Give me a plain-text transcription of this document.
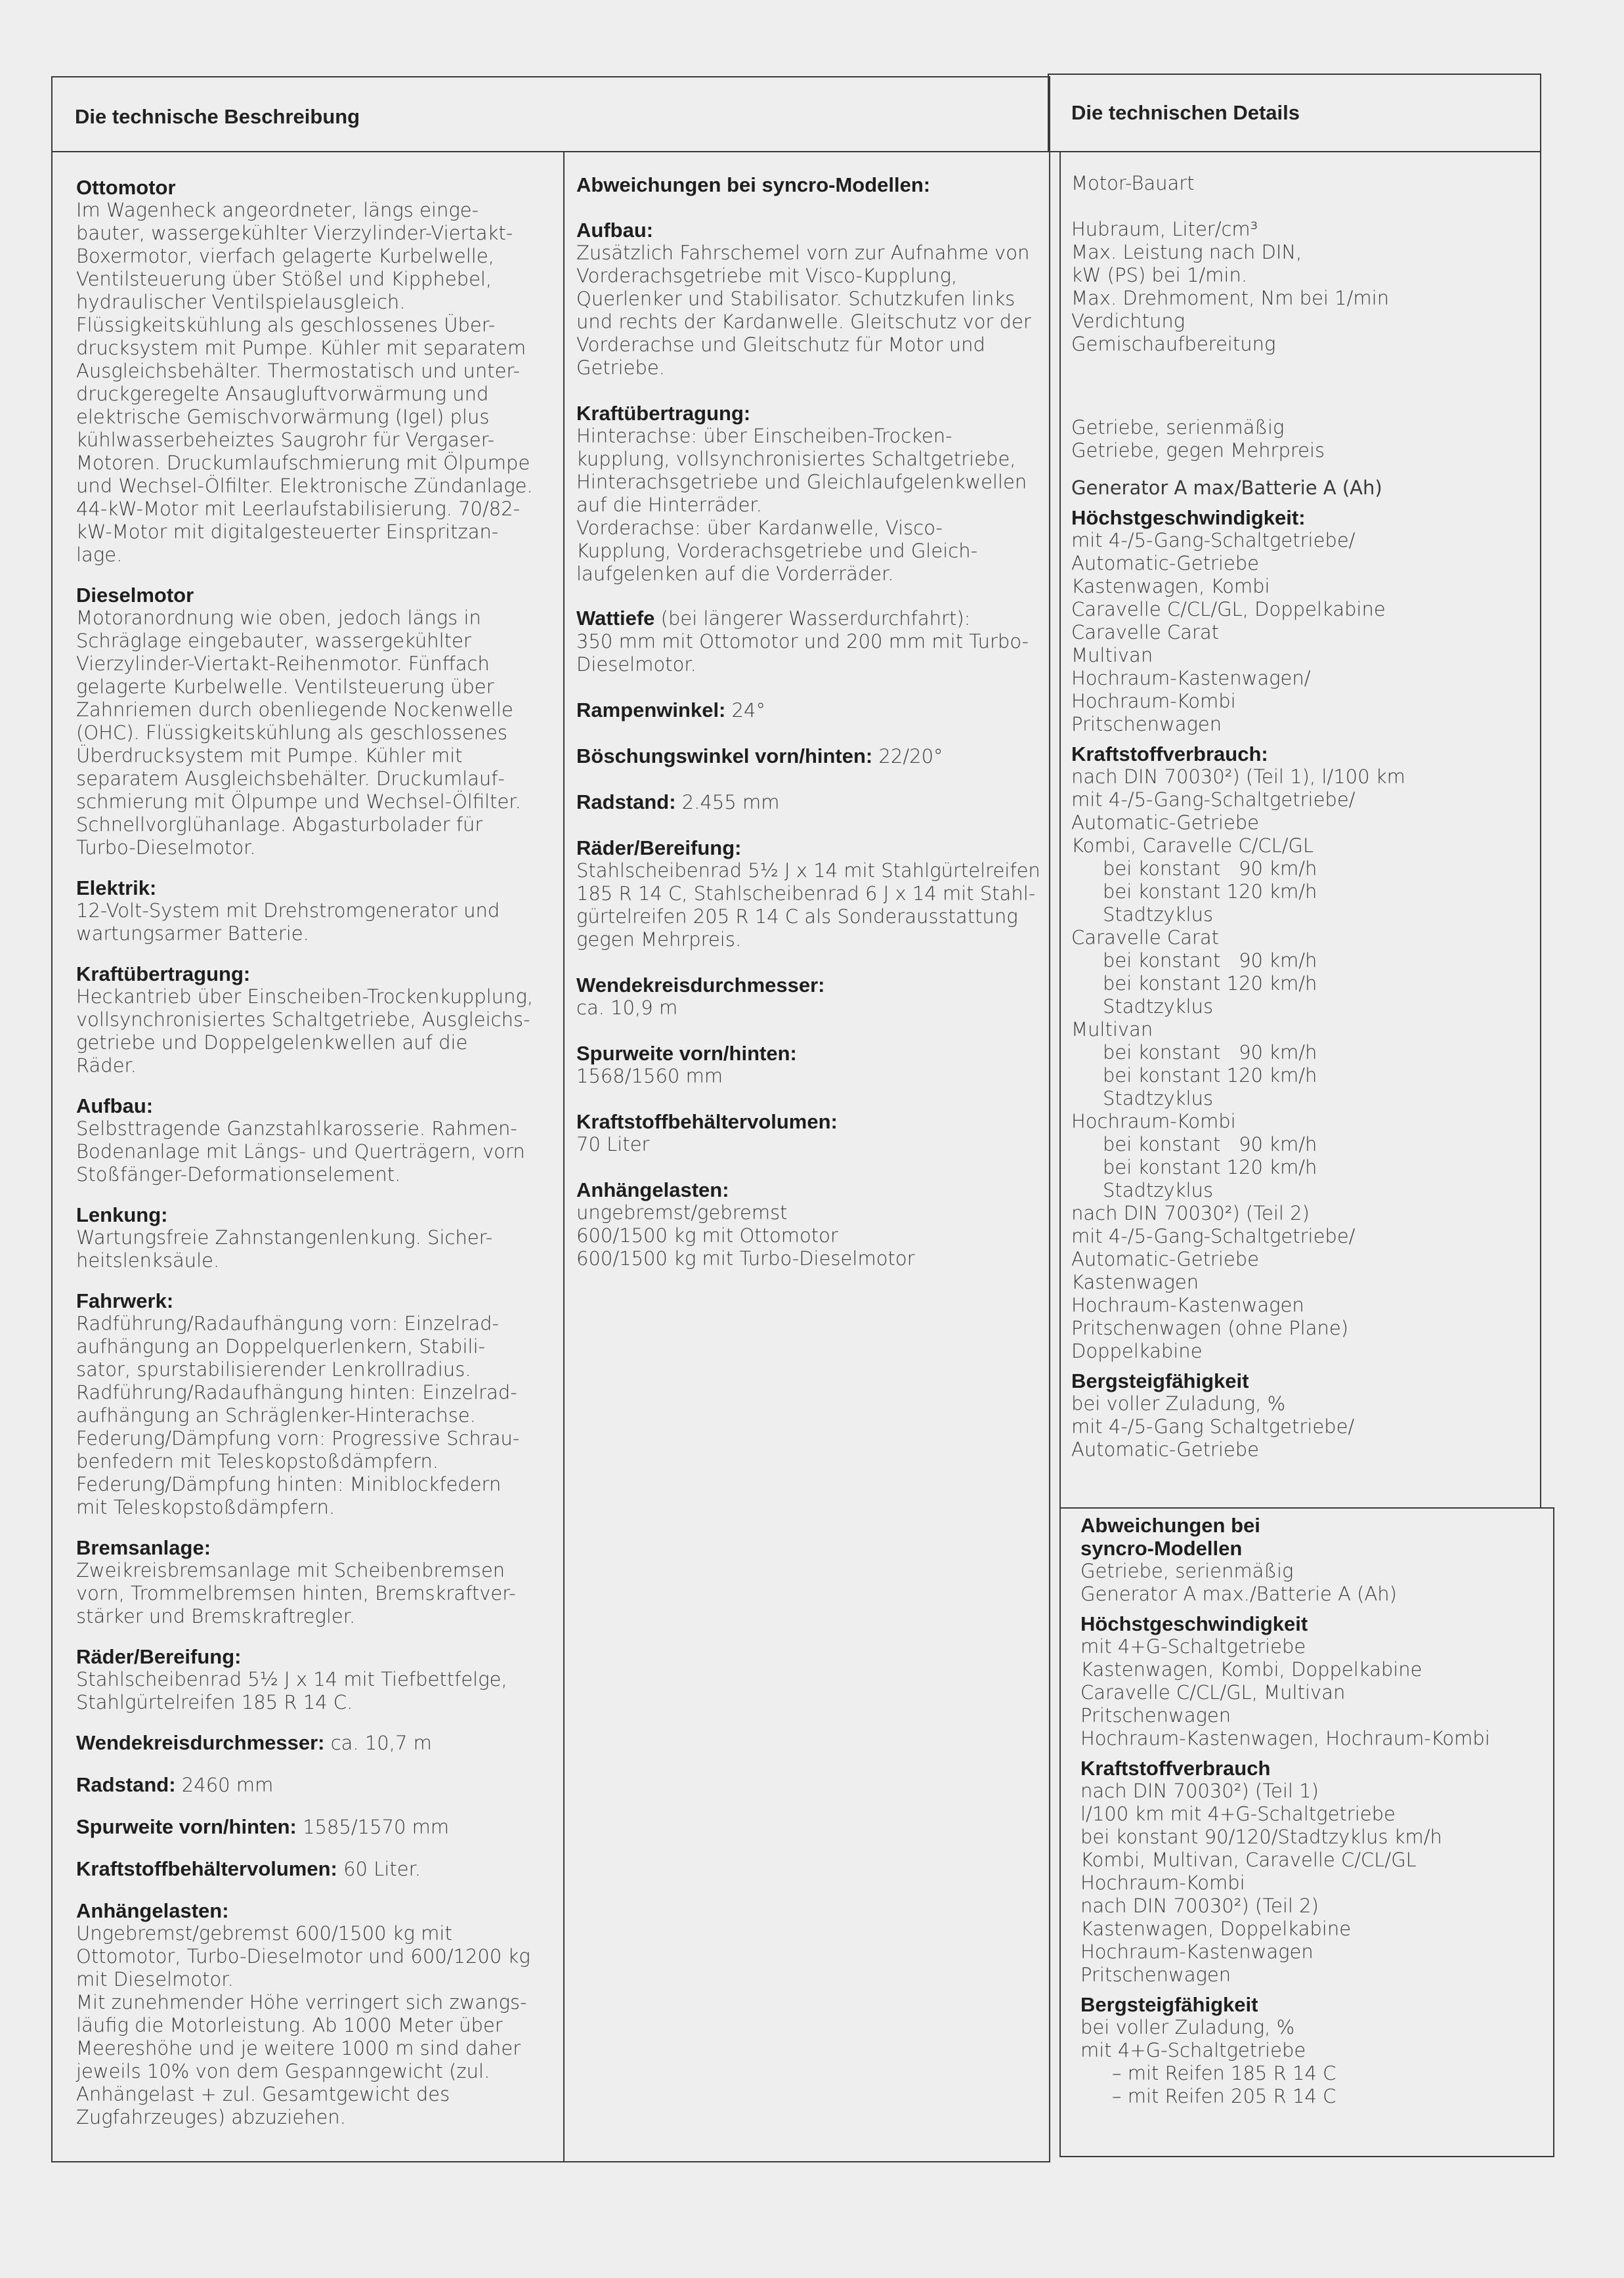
Die technische Beschreibung	Die technischen Details
Ottomotor
Im Wagenheck angeordneter, längs einge-
bauter, wassergekühlter Vierzylinder-Viertakt-
Boxermotor, vierfach gelagerte Kurbelwelle,
Ventilsteuerung über Stößel und Kipphebel,
hydraulischer Ventilspielausgleich.
Flüssigkeitskühlung als geschlossenes Über-
drucksystem mit Pumpe. Kühler mit separatem
Ausgleichsbehälter. Thermostatisch und unter-
druckgeregelte Ansaugluftvorwärmung und
elektrische Gemischvorwärmung (Igel) plus
kühlwasserbeheiztes Saugrohr für Vergaser-
Motoren. Druckumlaufschmierung mit Ölpumpe
und Wechsel-Ölfilter. Elektronische Zündanlage.
44-kW-Motor mit Leerlaufstabilisierung. 70/82-
kW-Motor mit digitalgesteuerter Einspritzan-
lage.
Dieselmotor
Motoranordnung wie oben, jedoch längs in
Schräglage eingebauter, wassergekühlter
Vierzylinder-Viertakt-Reihenmotor. Fünffach
gelagerte Kurbelwelle. Ventilsteuerung über
Zahnriemen durch obenliegende Nockenwelle
(OHC). Flüssigkeitskühlung als geschlossenes
Überdrucksystem mit Pumpe. Kühler mit
separatem Ausgleichsbehälter. Druckumlauf-
schmierung mit Ölpumpe und Wechsel-Ölfilter.
Schnellvorglühanlage. Abgasturbolader für
Turbo-Dieselmotor.
Elektrik:
12-Volt-System mit Drehstromgenerator und
wartungsarmer Batterie.
Kraftübertragung:
Heckantrieb über Einscheiben-Trockenkupplung,
vollsynchronisiertes Schaltgetriebe, Ausgleichs-
getriebe und Doppelgelenkwellen auf die
Räder.
Aufbau:
Selbsttragende Ganzstahlkarosserie. Rahmen-
Bodenanlage mit Längs- und Querträgern, vorn
Stoßfänger-Deformationselement.
Lenkung:
Wartungsfreie Zahnstangenlenkung. Sicher-
heitslenksäule.
Fahrwerk:
Radführung/Radaufhängung vorn: Einzelrad-
aufhängung an Doppelquerlenkern, Stabili-
sator, spurstabilisierender Lenkrollradius.
Radführung/Radaufhängung hinten: Einzelrad-
aufhängung an Schräglenker-Hinterachse.
Federung/Dämpfung vorn: Progressive Schrau-
benfedern mit Teleskopstoßdämpfern.
Federung/Dämpfung hinten: Miniblockfedern
mit Teleskopstoßdämpfern.
Bremsanlage:
Zweikreisbremsanlage mit Scheibenbremsen
vorn, Trommelbremsen hinten, Bremskraftver-
stärker und Bremskraftregler.
Räder/Bereifung:
Stahlscheibenrad 5½ J x 14 mit Tiefbettfelge,
Stahlgürtelreifen 185 R 14 C.
Wendekreisdurchmesser: ca. 10,7 m
Radstand: 2460 mm
Spurweite vorn/hinten: 1585/1570 mm
Kraftstoffbehältervolumen: 60 Liter.
Anhängelasten:
Ungebremst/gebremst 600/1500 kg mit
Ottomotor, Turbo-Dieselmotor und 600/1200 kg
mit Dieselmotor.
Mit zunehmender Höhe verringert sich zwangs-
läufig die Motorleistung. Ab 1000 Meter über
Meereshöhe und je weitere 1000 m sind daher
jeweils 10% von dem Gespanngewicht (zul.
Anhängelast + zul. Gesamtgewicht des
Zugfahrzeuges) abzuziehen.
Abweichungen bei syncro-Modellen:
Aufbau:
Zusätzlich Fahrschemel vorn zur Aufnahme von
Vorderachsgetriebe mit Visco-Kupplung,
Querlenker und Stabilisator. Schutzkufen links
und rechts der Kardanwelle. Gleitschutz vor der
Vorderachse und Gleitschutz für Motor und
Getriebe.
Kraftübertragung:
Hinterachse: über Einscheiben-Trocken-
kupplung, vollsynchronisiertes Schaltgetriebe,
Hinterachsgetriebe und Gleichlaufgelenkwellen
auf die Hinterräder.
Vorderachse: über Kardanwelle, Visco-
Kupplung, Vorderachsgetriebe und Gleich-
laufgelenken auf die Vorderräder.
Wattiefe (bei längerer Wasserdurchfahrt):
350 mm mit Ottomotor und 200 mm mit Turbo-
Dieselmotor.
Rampenwinkel: 24°
Böschungswinkel vorn/hinten: 22/20°
Radstand: 2.455 mm
Räder/Bereifung:
Stahlscheibenrad 5½ J x 14 mit Stahlgürtelreifen
185 R 14 C, Stahlscheibenrad 6 J x 14 mit Stahl-
gürtelreifen 205 R 14 C als Sonderausstattung
gegen Mehrpreis.
Wendekreisdurchmesser:
ca. 10,9 m
Spurweite vorn/hinten:
1568/1560 mm
Kraftstoffbehältervolumen:
70 Liter
Anhängelasten:
ungebremst/gebremst
600/1500 kg mit Ottomotor
600/1500 kg mit Turbo-Dieselmotor
Motor-Bauart

Hubraum, Liter/cm³
Max. Leistung nach DIN,
kW (PS) bei 1/min.
Max. Drehmoment, Nm bei 1/min
Verdichtung
Gemischaufbereitung
Getriebe, serienmäßig
Getriebe, gegen Mehrpreis
Generator A max/Batterie A (Ah)
Höchstgeschwindigkeit:
mit 4-/5-Gang-Schaltgetriebe/
Automatic-Getriebe
Kastenwagen, Kombi
Caravelle C/CL/GL, Doppelkabine
Caravelle Carat
Multivan
Hochraum-Kastenwagen/
Hochraum-Kombi
Pritschenwagen
Kraftstoffverbrauch:
nach DIN 70030²) (Teil 1), l/100 km
mit 4-/5-Gang-Schaltgetriebe/
Automatic-Getriebe
Kombi, Caravelle C/CL/GL
bei konstant   90 km/h
bei konstant 120 km/h
Stadtzyklus
Caravelle Carat
bei konstant   90 km/h
bei konstant 120 km/h
Stadtzyklus
Multivan
bei konstant   90 km/h
bei konstant 120 km/h
Stadtzyklus
Hochraum-Kombi
bei konstant   90 km/h
bei konstant 120 km/h
Stadtzyklus
nach DIN 70030²) (Teil 2)
mit 4-/5-Gang-Schaltgetriebe/
Automatic-Getriebe
Kastenwagen
Hochraum-Kastenwagen
Pritschenwagen (ohne Plane)
Doppelkabine
Bergsteigfähigkeit
bei voller Zuladung, %
mit 4-/5-Gang Schaltgetriebe/
Automatic-Getriebe
Abweichungen bei
syncro-Modellen
Getriebe, serienmäßig
Generator A max./Batterie A (Ah)
Höchstgeschwindigkeit
mit 4+G-Schaltgetriebe
Kastenwagen, Kombi, Doppelkabine
Caravelle C/CL/GL, Multivan
Pritschenwagen
Hochraum-Kastenwagen, Hochraum-Kombi
Kraftstoffverbrauch
nach DIN 70030²) (Teil 1)
l/100 km mit 4+G-Schaltgetriebe
bei konstant 90/120/Stadtzyklus km/h
Kombi, Multivan, Caravelle C/CL/GL
Hochraum-Kombi
nach DIN 70030²) (Teil 2)
Kastenwagen, Doppelkabine
Hochraum-Kastenwagen
Pritschenwagen
Bergsteigfähigkeit
bei voller Zuladung, %
mit 4+G-Schaltgetriebe
– mit Reifen 185 R 14 C
– mit Reifen 205 R 14 C
